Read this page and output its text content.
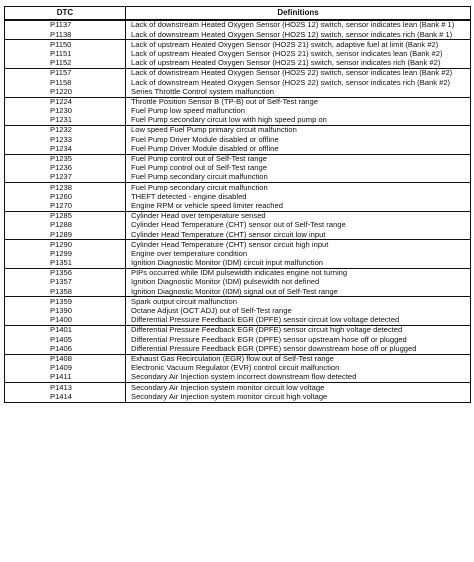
DTC	Definitions
P1137	Lack of downstream Heated Oxygen Sensor (HO2S 12) switch, sensor indicates lean (Bank # 1)
P1138	Lack of downstream Heated Oxygen Sensor (HO2S 12) switch, sensor indicates rich (Bank # 1)
P1150	Lack of upstream Heated Oxygen Sensor (HO2S 21) switch, adaptive fuel at limit (Bank #2)
P1151	Lack of upstream Heated Oxygen Sensor (HO2S 21) switch, sensor indicates lean (Bank #2)
P1152	Lack of upstream Heated Oxygen Sensor (HO2S 21) switch, sensor indicates rich (Bank #2)
P1157	Lack of downstream Heated Oxygen Sensor (HO2S 22) switch, sensor indicates lean (Bank #2)
P1158	Lack of downstream Heated Oxygen Sensor (HO2S 22) switch, sensor indicates rich (Bank #2)
P1220	Series Throttle Control system malfunction
P1224	Throttle Position Sensor B (TP-B) out of Self-Test range
P1230	Fuel Pump low speed malfunction
P1231	Fuel Pump secondary circuit low with high speed pump on
P1232	Low speed Fuel Pump primary circuit malfunction
P1233	Fuel Pump Driver Module disabled or offline
P1234	Fuel Pump Driver Module disabled or offline
P1235	Fuel Pump control out of Self-Test range
P1236	Fuel Pump control out of Self-Test range
P1237	Fuel Pump secondary circuit malfunction
P1238	Fuel Pump secondary circuit malfunction
P1260	THEFT detected - engine disabled
P1270	Engine RPM or vehicle speed limiter reached
P1285	Cylinder Head over temperature sensed
P1288	Cylinder Head Temperature (CHT) sensor out of Self-Test range
P1289	Cylinder Head Temperature (CHT) sensor circuit low input
P1290	Cylinder Head Temperature (CHT) sensor circuit high input
P1299	Engine over temperature condition
P1351	Ignition Diagnostic Monitor (IDM) circuit input malfunction
P1356	PIPs occurred while IDM pulsewidth indicates engine not turning
P1357	Ignition Diagnostic Monitor (IDM) pulsewidth not defined
P1358	Ignition Diagnostic Monitor (IDM) signal out of Self-Test range
P1359	Spark output circuit malfunction
P1390	Octane Adjust (OCT ADJ) out of Self-Test range
P1400	Differential Pressure Feedback EGR (DPFE) sensor circuit low voltage detected
P1401	Differential Pressure Feedback EGR (DPFE) sensor circuit high voltage detected
P1405	Differential Pressure Feedback EGR (DPFE) sensor upstream hose off or plugged
P1406	Differential Pressure Feedback EGR (DPFE) sensor downstream hose off or plugged
P1408	Exhaust Gas Recirculation (EGR) flow out of Self-Test range
P1409	Electronic Vacuum Regulator (EVR) control circuit malfunction
P1411	Secondary Air Injection system incorrect downstream flow detected
P1413	Secondary Air Injection system monitor circuit low voltage
P1414	Secondary Air Injection system monitor circuit high voltage
